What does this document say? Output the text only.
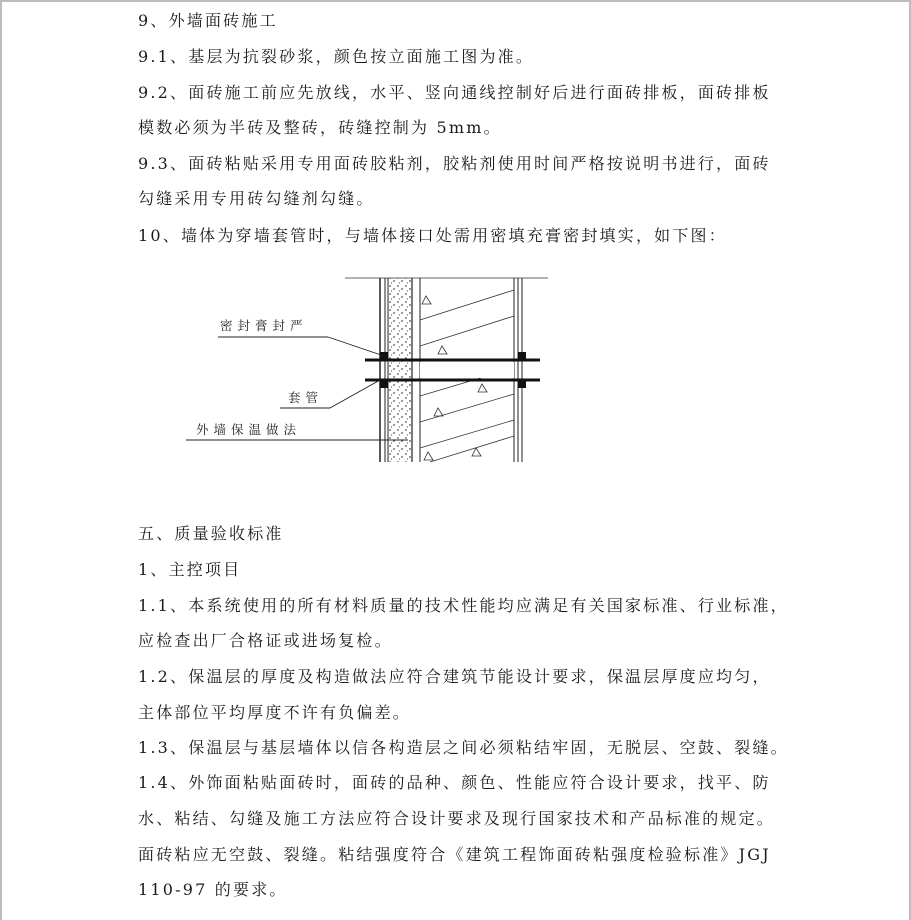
9、外墙面砖施工
9.1、基层为抗裂砂浆，颜色按立面施工图为准。
9.2、面砖施工前应先放线，水平、竖向通线控制好后进行面砖排板，面砖排板
模数必须为半砖及整砖，砖缝控制为 5mm。
9.3、面砖粘贴采用专用面砖胶粘剂，胶粘剂使用时间严格按说明书进行，面砖
勾缝采用专用砖勾缝剂勾缝。
10、墙体为穿墙套管时，与墙体接口处需用密填充膏密封填实，如下图：
五、质量验收标准
1、主控项目
1.1、本系统使用的所有材料质量的技术性能均应满足有关国家标准、行业标准，
应检查出厂合格证或进场复检。
1.2、保温层的厚度及构造做法应符合建筑节能设计要求，保温层厚度应均匀，
主体部位平均厚度不许有负偏差。
1.3、保温层与基层墙体以信各构造层之间必须粘结牢固，无脱层、空鼓、裂缝。
1.4、外饰面粘贴面砖时，面砖的品种、颜色、性能应符合设计要求，找平、防
水、粘结、勾缝及施工方法应符合设计要求及现行国家技术和产品标准的规定。
面砖粘应无空鼓、裂缝。粘结强度符合《建筑工程饰面砖粘强度检验标准》JGJ
110-97 的要求。
密封膏封严
套管
外墙保温做法
